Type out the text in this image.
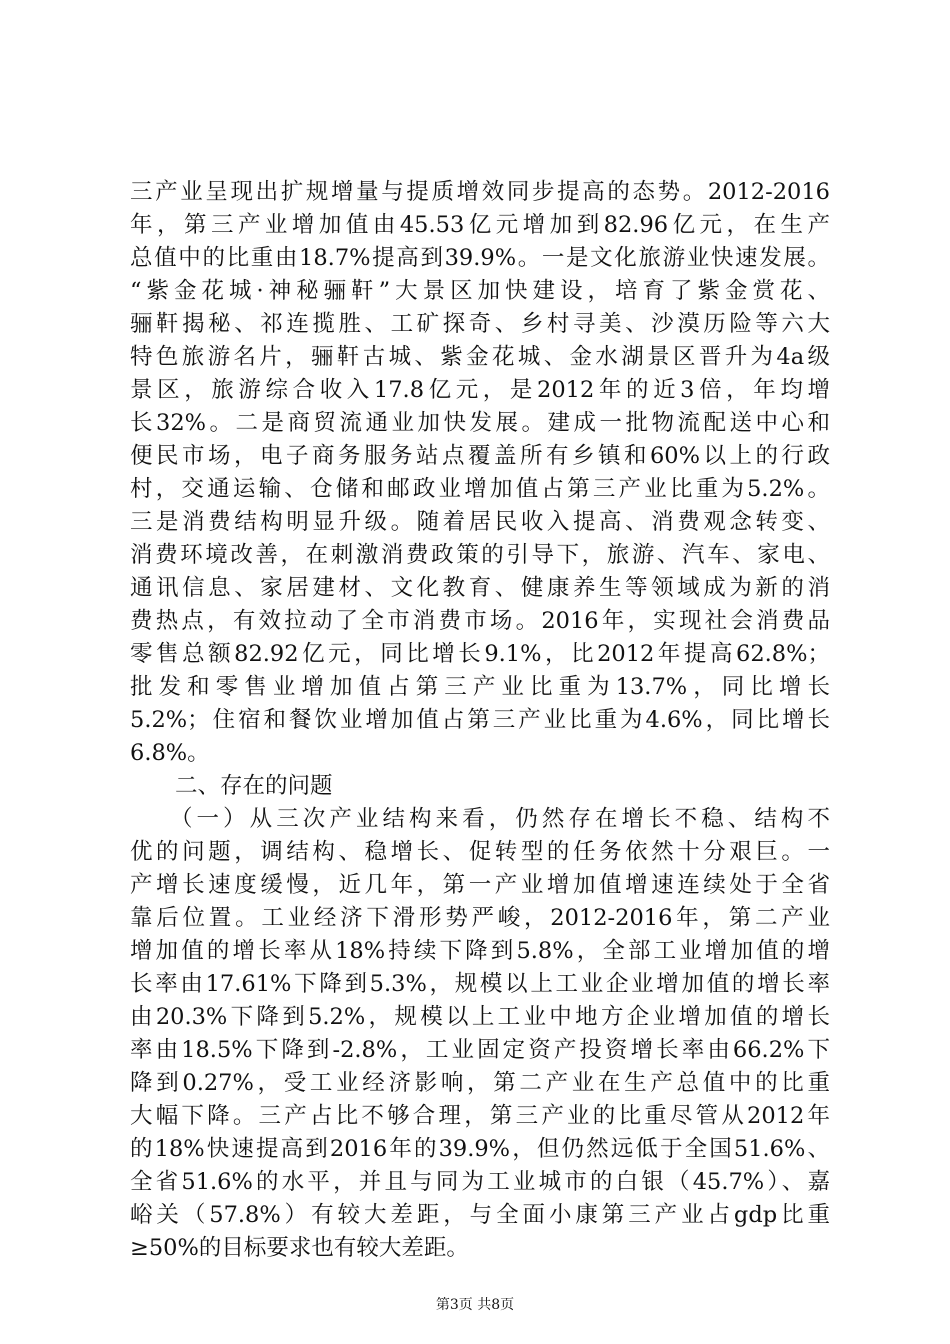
三产业呈现出扩规增量与提质增效同步提高的态势。2012-2016
年，第三产业增加值由45.53亿元增加到82.96亿元，在生产
总值中的比重由18.7%提高到39.9%。一是文化旅游业快速发展。
“紫金花城·神秘骊靬”大景区加快建设，培育了紫金赏花、
骊靬揭秘、祁连揽胜、工矿探奇、乡村寻美、沙漠历险等六大
特色旅游名片，骊靬古城、紫金花城、金水湖景区晋升为4a级
景区，旅游综合收入17.8亿元，是2012年的近3倍，年均增
长32%。二是商贸流通业加快发展。建成一批物流配送中心和
便民市场，电子商务服务站点覆盖所有乡镇和60%以上的行政
村，交通运输、仓储和邮政业增加值占第三产业比重为5.2%。
三是消费结构明显升级。随着居民收入提高、消费观念转变、
消费环境改善，在刺激消费政策的引导下，旅游、汽车、家电、
通讯信息、家居建材、文化教育、健康养生等领域成为新的消
费热点，有效拉动了全市消费市场。2016年，实现社会消费品
零售总额82.92亿元，同比增长9.1%，比2012年提高62.8%；
批发和零售业增加值占第三产业比重为13.7%，同比增长
5.2%；住宿和餐饮业增加值占第三产业比重为4.6%，同比增长
6.8%。
二、存在的问题
（一）从三次产业结构来看，仍然存在增长不稳、结构不
优的问题，调结构、稳增长、促转型的任务依然十分艰巨。一
产增长速度缓慢，近几年，第一产业增加值增速连续处于全省
靠后位置。工业经济下滑形势严峻，2012-2016年，第二产业
增加值的增长率从18%持续下降到5.8%，全部工业增加值的增
长率由17.61%下降到5.3%，规模以上工业企业增加值的增长率
由20.3%下降到5.2%，规模以上工业中地方企业增加值的增长
率由18.5%下降到-2.8%，工业固定资产投资增长率由66.2%下
降到0.27%，受工业经济影响，第二产业在生产总值中的比重
大幅下降。三产占比不够合理，第三产业的比重尽管从2012年
的18%快速提高到2016年的39.9%，但仍然远低于全国51.6%、
全省51.6%的水平，并且与同为工业城市的白银（45.7%）、嘉
峪关（57.8%）有较大差距，与全面小康第三产业占gdp比重
≥50%的目标要求也有较大差距。
第3页 共8页
